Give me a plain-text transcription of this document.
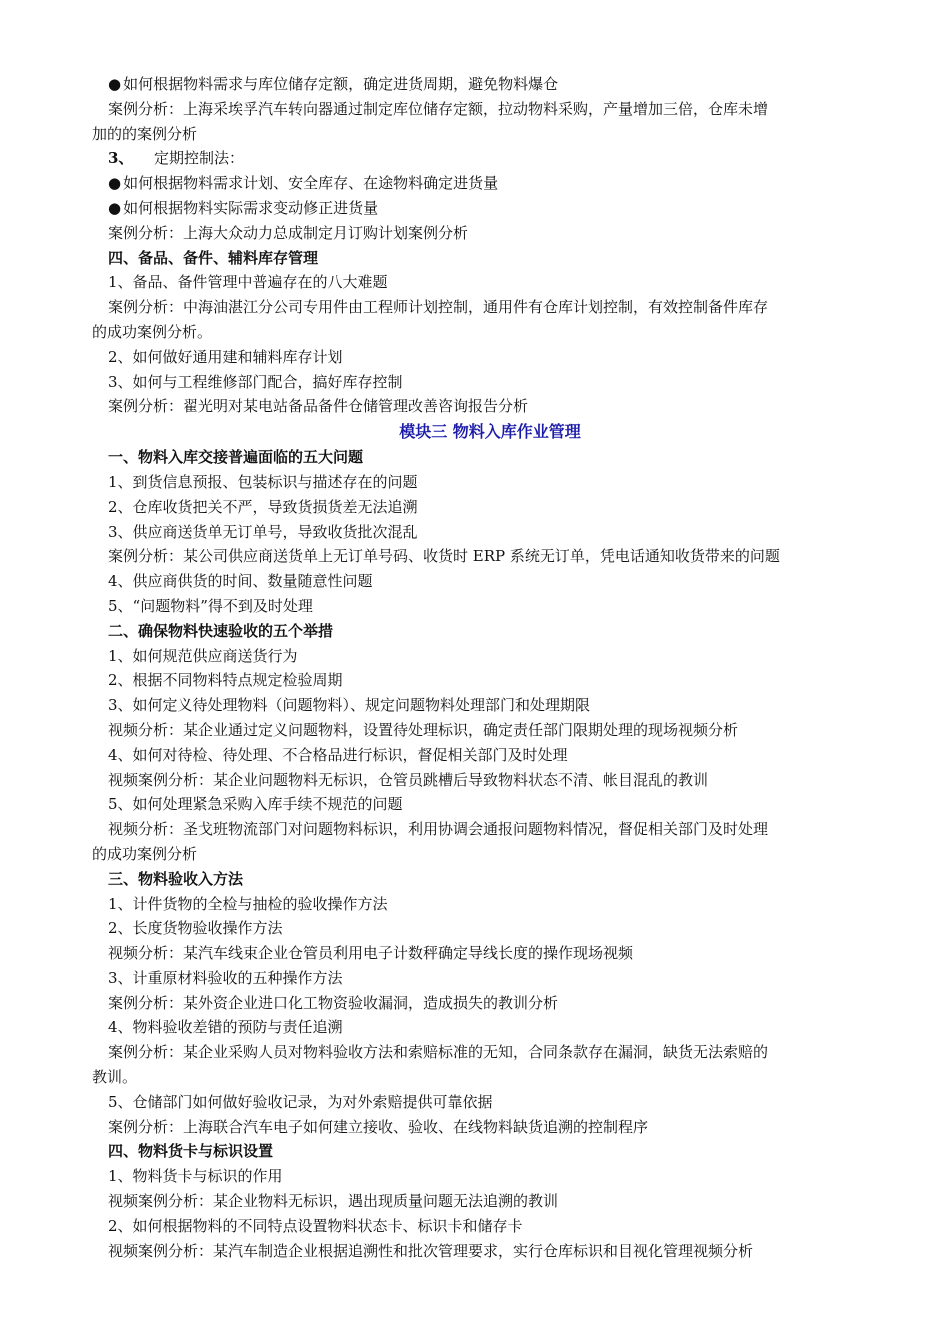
● 如何根据物料需求与库位储存定额，确定进货周期，避免物料爆仓
案例分析：上海采埃孚汽车转向器通过制定库位储存定额，拉动物料采购，产量增加三倍，仓库未增
加的的案例分析
3、 定期控制法：
● 如何根据物料需求计划、安全库存、在途物料确定进货量
● 如何根据物料实际需求变动修正进货量
案例分析：上海大众动力总成制定月订购计划案例分析
四、备品、备件、辅料库存管理
1、备品、备件管理中普遍存在的八大难题
案例分析：中海油湛江分公司专用件由工程师计划控制，通用件有仓库计划控制，有效控制备件库存
的成功案例分析。
2、如何做好通用建和辅料库存计划
3、如何与工程维修部门配合，搞好库存控制
案例分析：翟光明对某电站备品备件仓储管理改善咨询报告分析
模块三 物料入库作业管理
一、物料入库交接普遍面临的五大问题
1、到货信息预报、包装标识与描述存在的问题
2、仓库收货把关不严，导致货损货差无法追溯
3、供应商送货单无订单号，导致收货批次混乱
案例分析：某公司供应商送货单上无订单号码、收货时 ERP 系统无订单，凭电话通知收货带来的问题
4、供应商供货的时间、数量随意性问题
5、“问题物料”得不到及时处理
二、确保物料快速验收的五个举措
1、如何规范供应商送货行为
2、根据不同物料特点规定检验周期
3、如何定义待处理物料（问题物料）、规定问题物料处理部门和处理期限
视频分析：某企业通过定义问题物料，设置待处理标识，确定责任部门限期处理的现场视频分析
4、如何对待检、待处理、不合格品进行标识，督促相关部门及时处理
视频案例分析：某企业问题物料无标识，仓管员跳槽后导致物料状态不清、帐目混乱的教训
5、如何处理紧急采购入库手续不规范的问题
视频分析：圣戈班物流部门对问题物料标识，利用协调会通报问题物料情况，督促相关部门及时处理
的成功案例分析
三、物料验收入方法
1、计件货物的全检与抽检的验收操作方法
2、长度货物验收操作方法
视频分析：某汽车线束企业仓管员利用电子计数秤确定导线长度的操作现场视频
3、计重原材料验收的五种操作方法
案例分析：某外资企业进口化工物资验收漏洞，造成损失的教训分析
4、物料验收差错的预防与责任追溯
案例分析：某企业采购人员对物料验收方法和索赔标准的无知，合同条款存在漏洞，缺货无法索赔的
教训。
5、仓储部门如何做好验收记录，为对外索赔提供可靠依据
案例分析：上海联合汽车电子如何建立接收、验收、在线物料缺货追溯的控制程序
四、物料货卡与标识设置
1、物料货卡与标识的作用
视频案例分析：某企业物料无标识，遇出现质量问题无法追溯的教训
2、如何根据物料的不同特点设置物料状态卡、标识卡和储存卡
视频案例分析：某汽车制造企业根据追溯性和批次管理要求，实行仓库标识和目视化管理视频分析
